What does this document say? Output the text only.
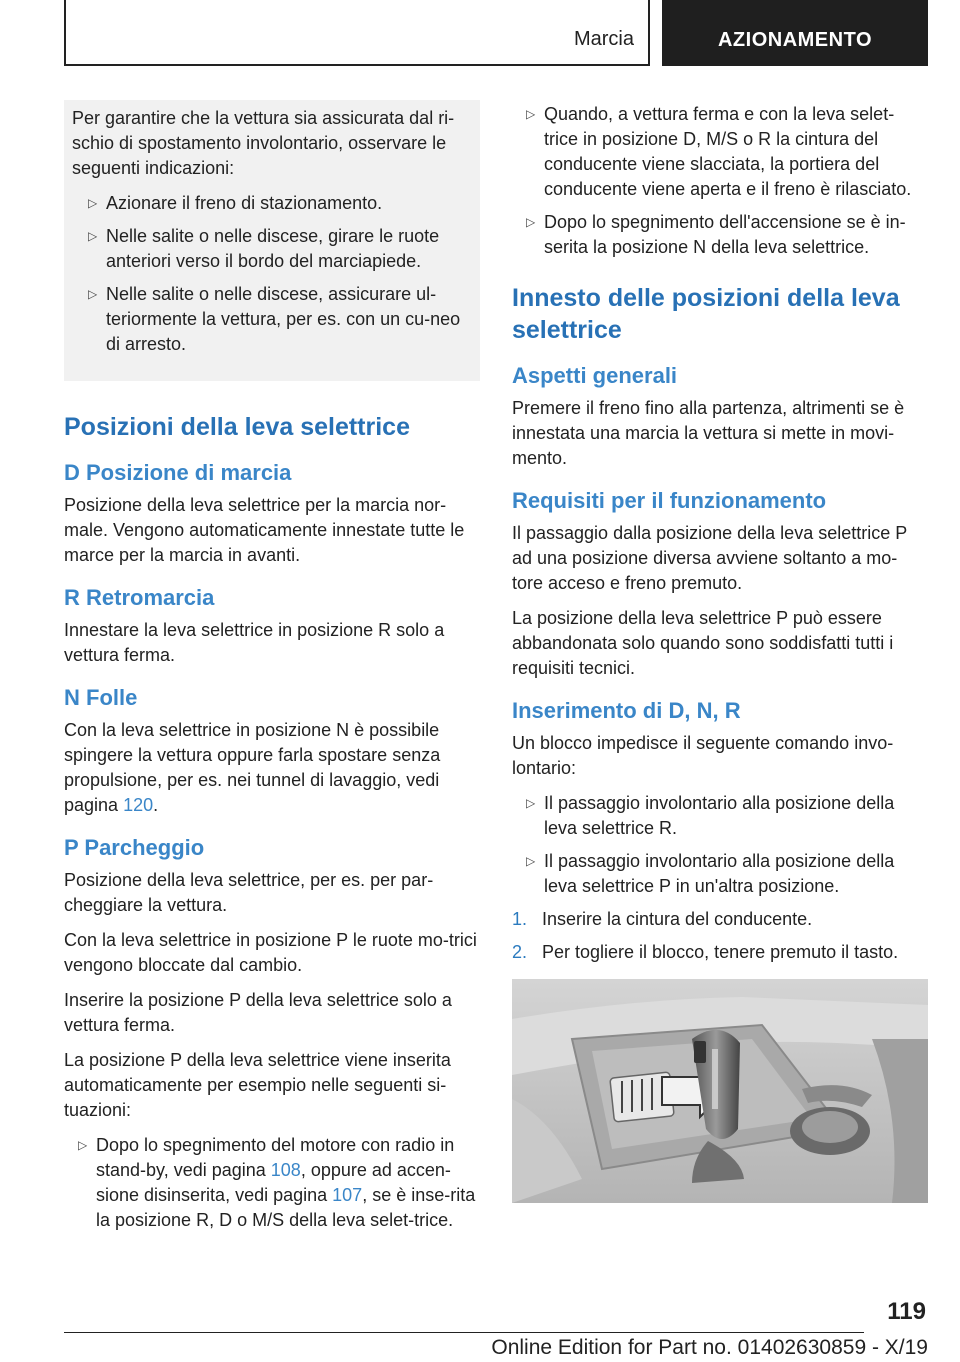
Marcia	AZIONAMENTO

Per garantire che la vettura sia assicurata dal ri-schio di spostamento involontario, osservare le seguenti indicazioni:

▷ Azionare il freno di stazionamento.
▷ Nelle salite o nelle discese, girare le ruote anteriori verso il bordo del marciapiede.
▷ Nelle salite o nelle discese, assicurare ul-teriormente la vettura, per es. con un cu-neo di arresto.
Posizioni della leva selettrice
D Posizione di marcia

Posizione della leva selettrice per la marcia nor-male. Vengono automaticamente innestate tutte le marce per la marcia in avanti.

R Retromarcia

Innestare la leva selettrice in posizione R solo a vettura ferma.

N Folle

Con la leva selettrice in posizione N è possibile spingere la vettura oppure farla spostare senza propulsione, per es. nei tunnel di lavaggio, vedi pagina 120.

P Parcheggio

Posizione della leva selettrice, per es. per par-cheggiare la vettura.

Con la leva selettrice in posizione P le ruote mo-trici vengono bloccate dal cambio.

Inserire la posizione P della leva selettrice solo a vettura ferma.

La posizione P della leva selettrice viene inserita automaticamente per esempio nelle seguenti si-tuazioni:

▷ Dopo lo spegnimento del motore con radio in stand-by, vedi pagina 108, oppure ad accen-sione disinserita, vedi pagina 107, se è inse-rita la posizione R, D o M/S della leva selet-trice.
▷ Quando, a vettura ferma e con la leva selet-trice in posizione D, M/S o R la cintura del conducente viene slacciata, la portiera del conducente viene aperta e il freno è rilasciato.
▷ Dopo lo spegnimento dell'accensione se è in-serita la posizione N della leva selettrice.
Innesto delle posizioni della leva selettrice
Aspetti generali

Premere il freno fino alla partenza, altrimenti se è innestata una marcia la vettura si mette in movi-mento.

Requisiti per il funzionamento

Il passaggio dalla posizione della leva selettrice P ad una posizione diversa avviene soltanto a mo-tore acceso e freno premuto.

La posizione della leva selettrice P può essere abbandonata solo quando sono soddisfatti tutti i requisiti tecnici.

Inserimento di D, N, R

Un blocco impedisce il seguente comando invo-lontario:

▷ Il passaggio involontario alla posizione della leva selettrice R.
▷ Il passaggio involontario alla posizione della leva selettrice P in un'altra posizione.
1. Inserire la cintura del conducente.
2. Per togliere il blocco, tenere premuto il tasto.
119
Online Edition for Part no. 01402630859 - X/19
